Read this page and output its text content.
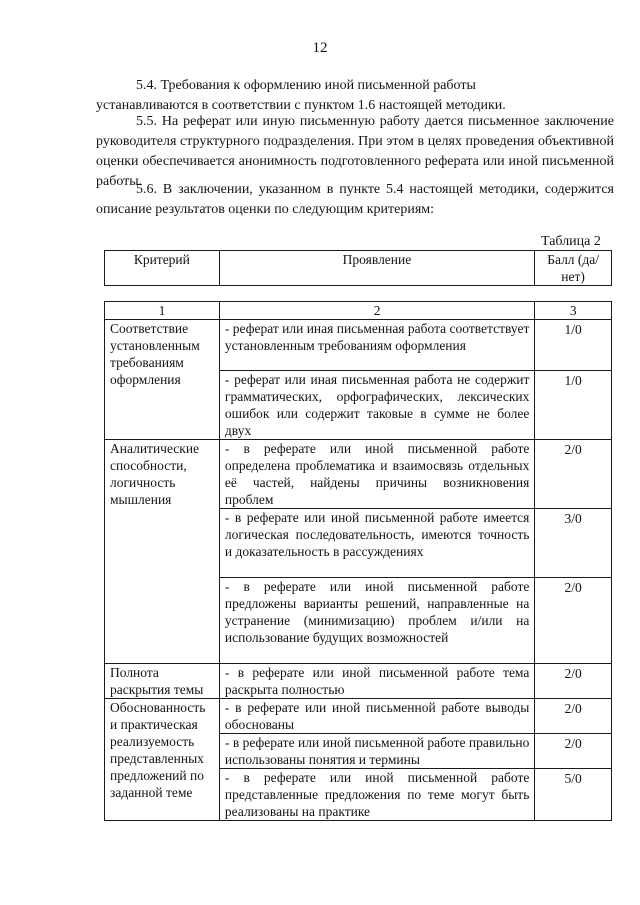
12
5.4. Требования к оформлению иной письменной работы
устанавливаются в соответствии с пунктом 1.6 настоящей методики.
5.5. На реферат или иную письменную работу дается письменное заключение руководителя структурного подразделения. При этом в целях проведения объективной оценки обеспечивается анонимность подготовленного реферата или иной письменной работы.
5.6. В заключении, указанном в пункте 5.4 настоящей методики, содержится описание результатов оценки по следующим критериям:
Таблица 2
Критерий	Проявление	Балл (да/нет)
1	2	3
Соответствие установленным требованиям оформления	- реферат или иная письменная работа соответствует установленным требованиям оформления	1/0
	- реферат или иная письменная работа не содержит грамматических, орфографических, лексических ошибок или содержит таковые в сумме не более двух	1/0
Аналитические способности, логичность мышления	- в реферате или иной письменной работе определена проблематика и взаимосвязь отдельных её частей, найдены причины возникновения проблем	2/0
	- в реферате или иной письменной работе имеется логическая последовательность, имеются точность и доказательность в рассуждениях	3/0
	- в реферате или иной письменной работе предложены варианты решений, направленные на устранение (минимизацию) проблем и/или на использование будущих возможностей	2/0
Полнота раскрытия темы	- в реферате или иной письменной работе тема раскрыта полностью	2/0
Обоснованность и практическая реализуемость представленных предложений по заданной теме	- в реферате или иной письменной работе выводы обоснованы	2/0
	- в реферате или иной письменной работе правильно использованы понятия и термины	2/0
	- в реферате или иной письменной работе представленные предложения по теме могут быть реализованы на практике	5/0
